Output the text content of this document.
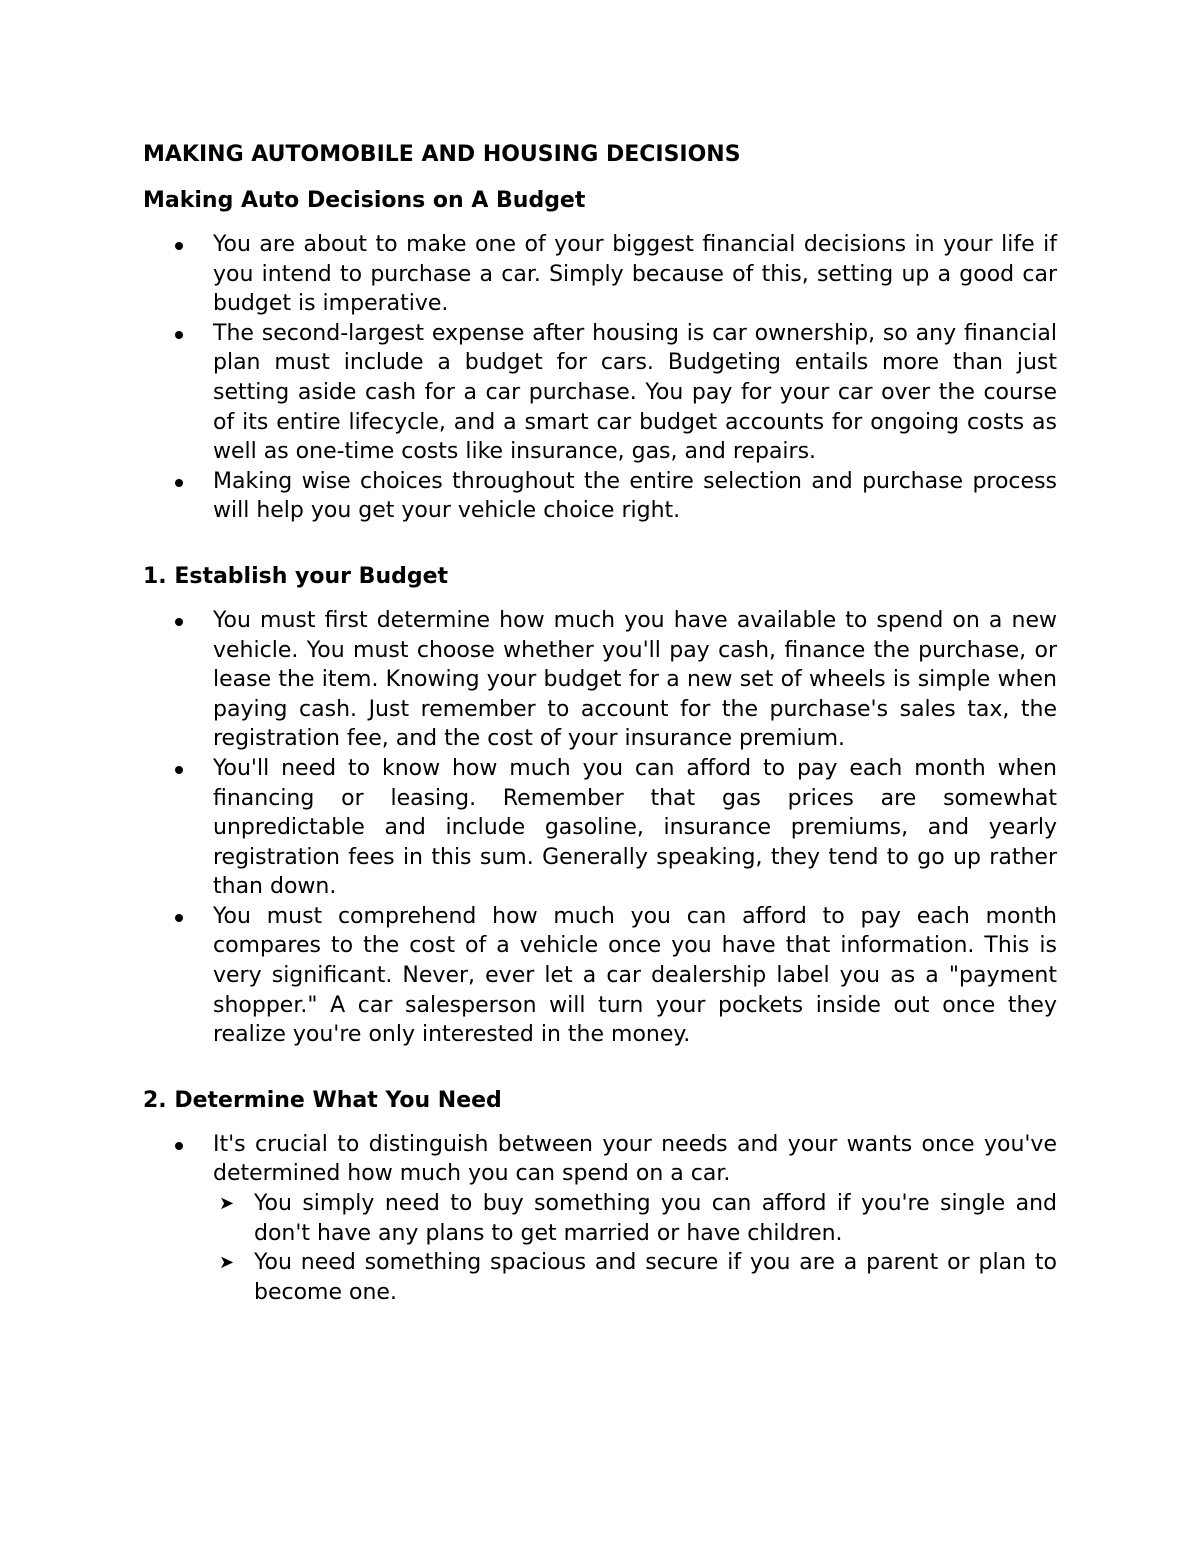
MAKING AUTOMOBILE AND HOUSING DECISIONS
Making Auto Decisions on A Budget
You are about to make one of your biggest financial decisions in your life if you intend to purchase a car. Simply because of this, setting up a good car budget is imperative.
The second-largest expense after housing is car ownership, so any financial plan must include a budget for cars. Budgeting entails more than just setting aside cash for a car purchase. You pay for your car over the course of its entire lifecycle, and a smart car budget accounts for ongoing costs as well as one-time costs like insurance, gas, and repairs.
Making wise choices throughout the entire selection and purchase process will help you get your vehicle choice right.
1. Establish your Budget
You must first determine how much you have available to spend on a new vehicle. You must choose whether you'll pay cash, finance the purchase, or lease the item. Knowing your budget for a new set of wheels is simple when paying cash. Just remember to account for the purchase's sales tax, the registration fee, and the cost of your insurance premium.
You'll need to know how much you can afford to pay each month when financing or leasing. Remember that gas prices are somewhat unpredictable and include gasoline, insurance premiums, and yearly registration fees in this sum. Generally speaking, they tend to go up rather than down.
You must comprehend how much you can afford to pay each month compares to the cost of a vehicle once you have that information. This is very significant. Never, ever let a car dealership label you as a "payment shopper." A car salesperson will turn your pockets inside out once they realize you're only interested in the money.
2. Determine What You Need
It's crucial to distinguish between your needs and your wants once you've determined how much you can spend on a car.
➤ You simply need to buy something you can afford if you're single and don't have any plans to get married or have children.
➤ You need something spacious and secure if you are a parent or plan to become one.
